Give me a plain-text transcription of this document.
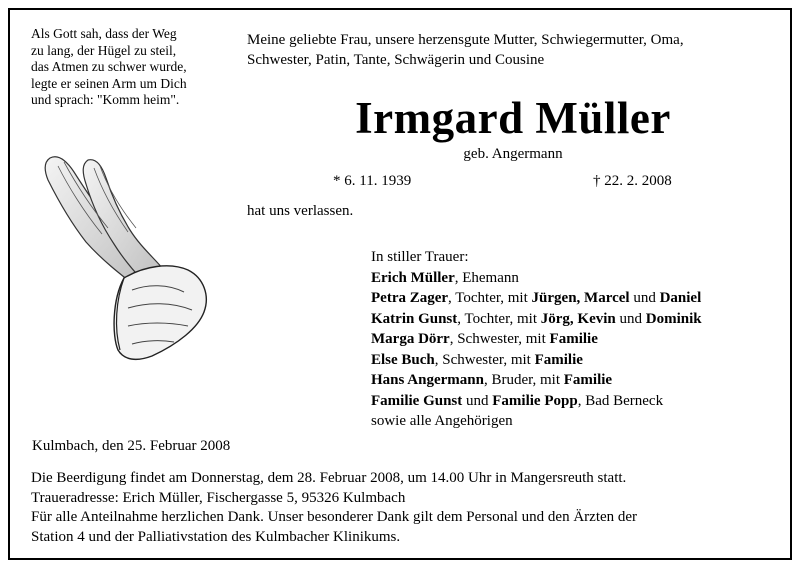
Als Gott sah, dass der Weg
zu lang, der Hügel zu steil,
das Atmen zu schwer wurde,
legte er seinen Arm um Dich
und sprach: "Komm heim".
Meine geliebte Frau, unsere herzensgute Mutter, Schwiegermutter, Oma,
Schwester, Patin, Tante, Schwägerin und Cousine
Irmgard Müller
geb. Angermann
* 6. 11. 1939	† 22. 2. 2008
hat uns verlassen.
In stiller Trauer:
Erich Müller, Ehemann
Petra Zager, Tochter, mit Jürgen, Marcel und Daniel
Katrin Gunst, Tochter, mit Jörg, Kevin und Dominik
Marga Dörr, Schwester, mit Familie
Else Buch, Schwester, mit Familie
Hans Angermann, Bruder, mit Familie
Familie Gunst und Familie Popp, Bad Berneck
sowie alle Angehörigen
Kulmbach, den 25. Februar 2008
Die Beerdigung findet am Donnerstag, dem 28. Februar 2008, um 14.00 Uhr in Mangersreuth statt.
Traueradresse: Erich Müller, Fischergasse 5, 95326 Kulmbach
Für alle Anteilnahme herzlichen Dank. Unser besonderer Dank gilt dem Personal und den Ärzten der
Station 4 und der Palliativstation des Kulmbacher Klinikums.
